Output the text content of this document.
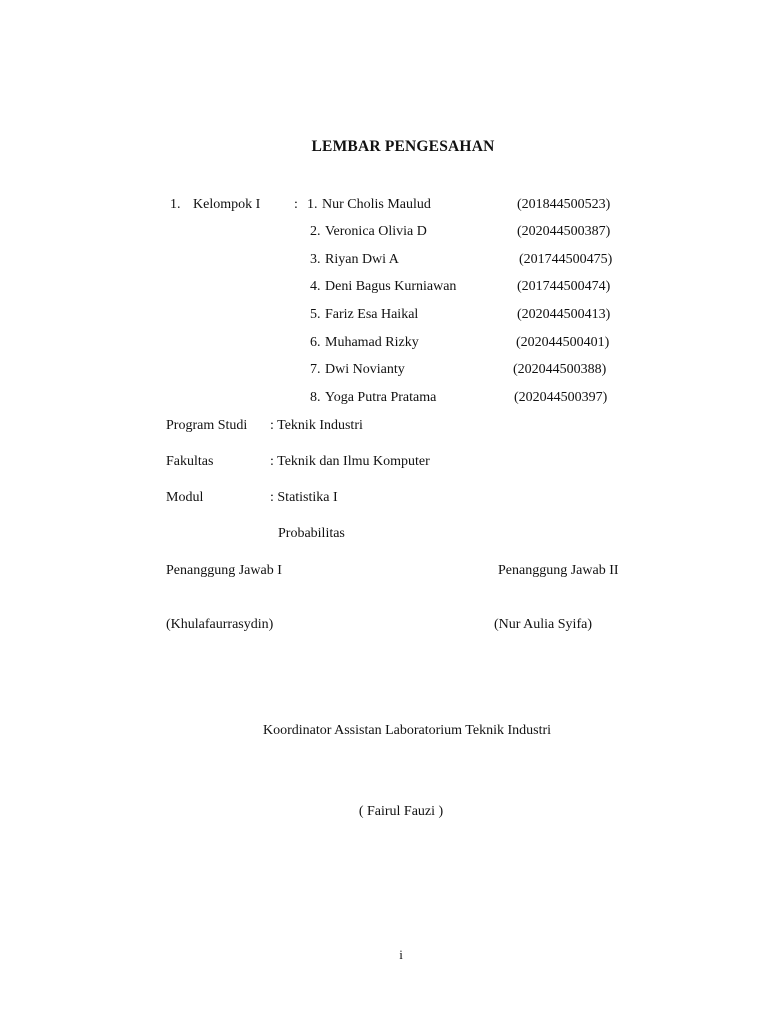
LEMBAR PENGESAHAN
1. Kelompok I : 1. Nur Cholis Maulud	(201844500523)
2. Veronica Olivia D	(202044500387)
3. Riyan Dwi A	(201744500475)
4. Deni Bagus Kurniawan	(201744500474)
5. Fariz Esa Haikal	(202044500413)
6. Muhamad Rizky	(202044500401)
7. Dwi Novianty	(202044500388)
8. Yoga Putra Pratama	(202044500397)
Program Studi : Teknik Industri
Fakultas	: Teknik dan Ilmu Komputer
Modul	: Statistika I
Probabilitas
Penanggung Jawab I	Penanggung Jawab II
(Khulafaurrasydin)	(Nur Aulia Syifa)
Koordinator Assistan Laboratorium Teknik Industri
( Fairul Fauzi )
i
